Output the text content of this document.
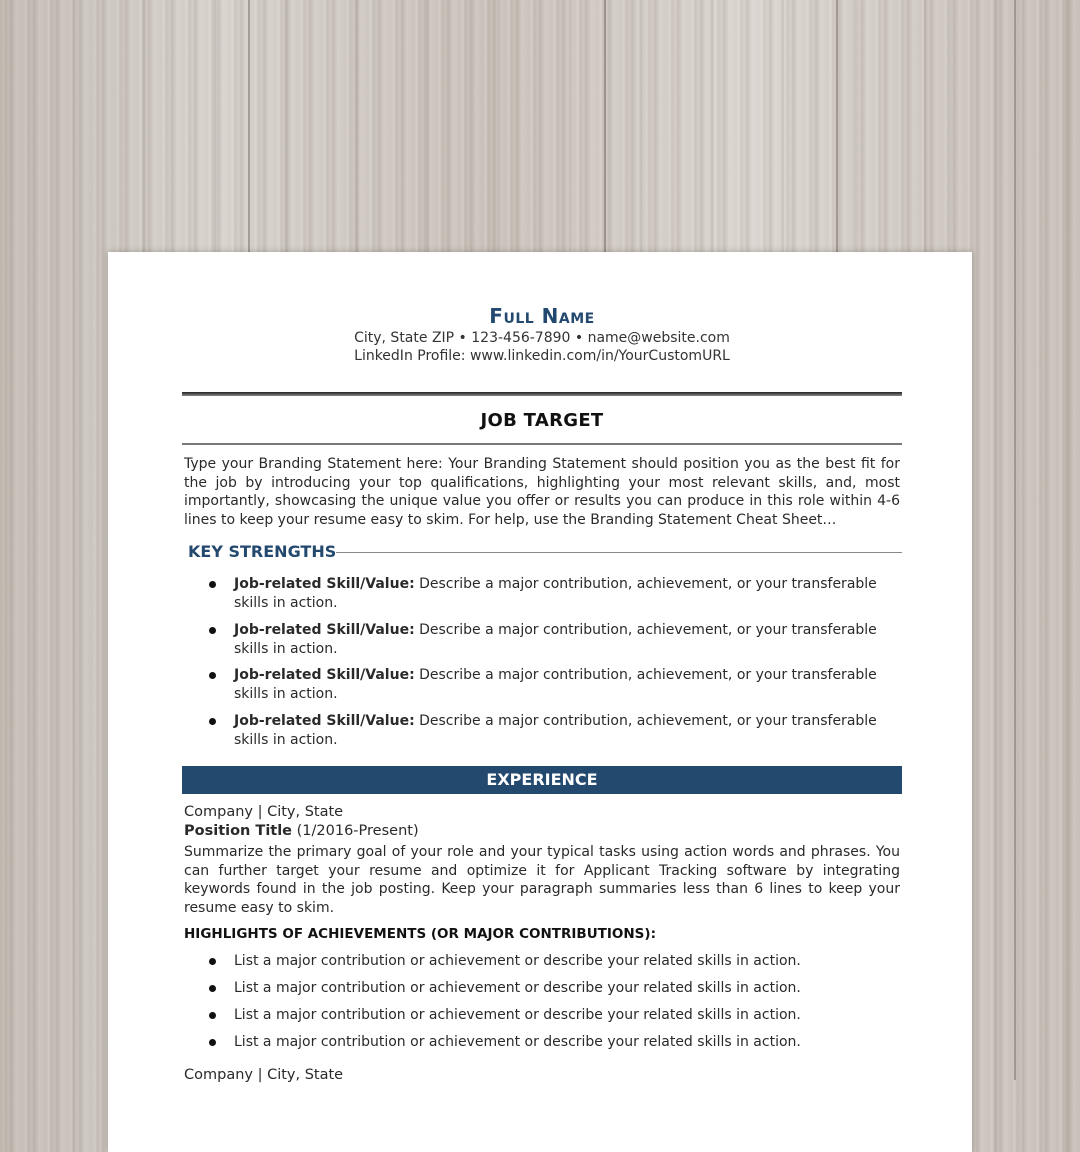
Full Name
City, State ZIP • 123-456-7890 • name@website.com
LinkedIn Profile: www.linkedin.com/in/YourCustomURL
JOB TARGET
Type your Branding Statement here: Your Branding Statement should position you as the best fit for the job by introducing your top qualifications, highlighting your most relevant skills, and, most importantly, showcasing the unique value you offer or results you can produce in this role within 4-6 lines to keep your resume easy to skim. For help, use the Branding Statement Cheat Sheet…
KEY STRENGTHS
Job-related Skill/Value: Describe a major contribution, achievement, or your transferable skills in action.
Job-related Skill/Value: Describe a major contribution, achievement, or your transferable skills in action.
Job-related Skill/Value: Describe a major contribution, achievement, or your transferable skills in action.
Job-related Skill/Value: Describe a major contribution, achievement, or your transferable skills in action.
EXPERIENCE
Company | City, State
Position Title (1/2016-Present)
Summarize the primary goal of your role and your typical tasks using action words and phrases. You can further target your resume and optimize it for Applicant Tracking software by integrating keywords found in the job posting. Keep your paragraph summaries less than 6 lines to keep your resume easy to skim.
HIGHLIGHTS OF ACHIEVEMENTS (OR MAJOR CONTRIBUTIONS):
List a major contribution or achievement or describe your related skills in action.
List a major contribution or achievement or describe your related skills in action.
List a major contribution or achievement or describe your related skills in action.
List a major contribution or achievement or describe your related skills in action.
Company | City, State
